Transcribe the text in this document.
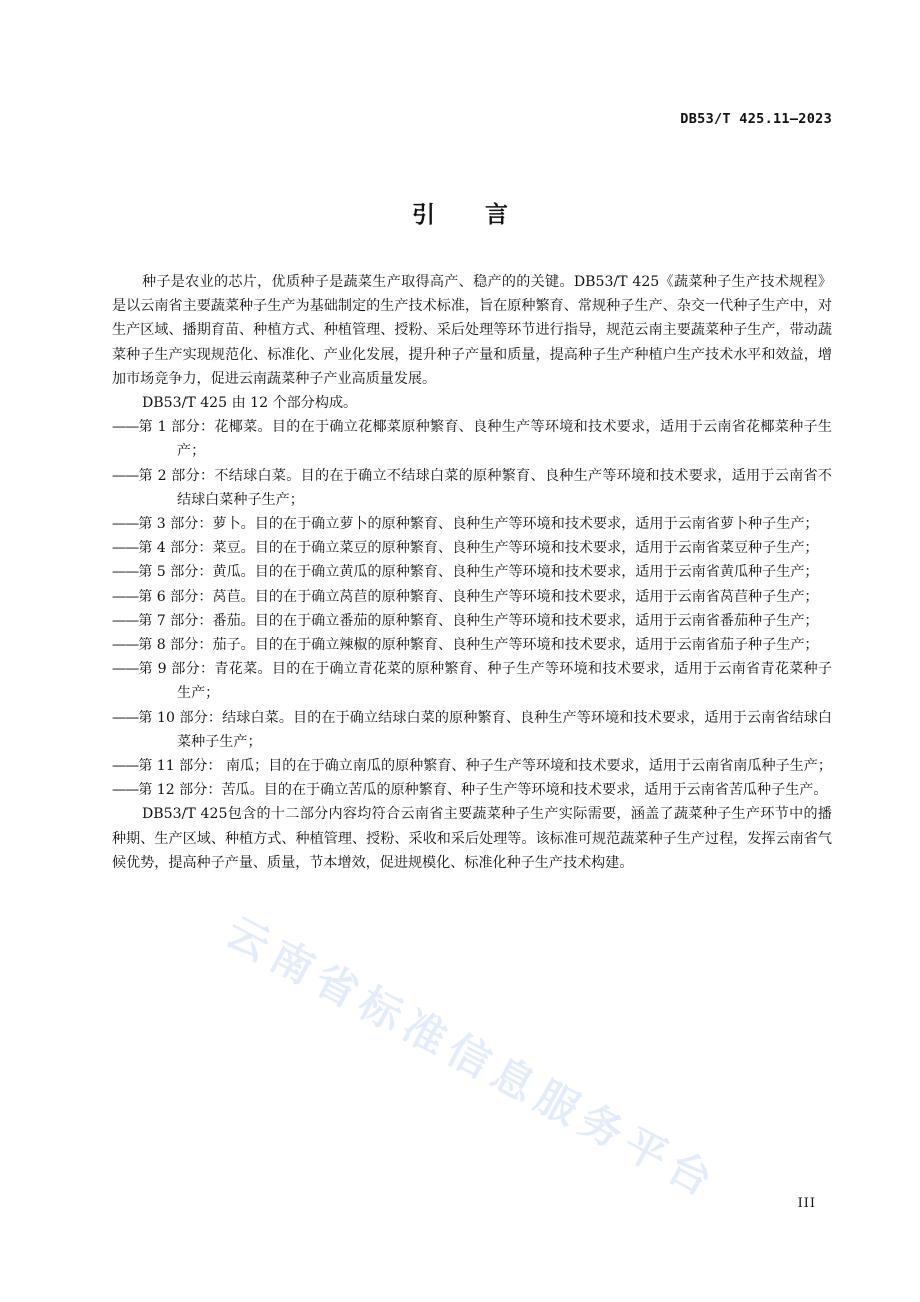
DB53/T 425.11—2023
引言

种子是农业的芯片，优质种子是蔬菜生产取得高产、稳产的的关键。DB53/T 425《蔬菜种子生产技术规程》是以云南省主要蔬菜种子生产为基础制定的生产技术标准，旨在原种繁育、常规种子生产、杂交一代种子生产中，对生产区域、播期育苗、种植方式、种植管理、授粉、采后处理等环节进行指导，规范云南主要蔬菜种子生产，带动蔬菜种子生产实现规范化、标准化、产业化发展，提升种子产量和质量，提高种子生产种植户生产技术水平和效益，增加市场竞争力，促进云南蔬菜种子产业高质量发展。

DB53/T 425 由 12 个部分构成。

——第 1 部分：花椰菜。目的在于确立花椰菜原种繁育、良种生产等环境和技术要求，适用于云南省花椰菜种子生产；

——第 2 部分：不结球白菜。目的在于确立不结球白菜的原种繁育、良种生产等环境和技术要求，适用于云南省不结球白菜种子生产；

——第 3 部分：萝卜。目的在于确立萝卜的原种繁育、良种生产等环境和技术要求，适用于云南省萝卜种子生产；

——第 4 部分：菜豆。目的在于确立菜豆的原种繁育、良种生产等环境和技术要求，适用于云南省菜豆种子生产；

——第 5 部分：黄瓜。目的在于确立黄瓜的原种繁育、良种生产等环境和技术要求，适用于云南省黄瓜种子生产；

——第 6 部分：莴苣。目的在于确立莴苣的原种繁育、良种生产等环境和技术要求，适用于云南省莴苣种子生产；

——第 7 部分：番茄。目的在于确立番茄的原种繁育、良种生产等环境和技术要求，适用于云南省番茄种子生产；

——第 8 部分：茄子。目的在于确立辣椒的原种繁育、良种生产等环境和技术要求，适用于云南省茄子种子生产；

——第 9 部分：青花菜。目的在于确立青花菜的原种繁育、种子生产等环境和技术要求，适用于云南省青花菜种子生产；

——第 10 部分：结球白菜。目的在于确立结球白菜的原种繁育、良种生产等环境和技术要求，适用于云南省结球白菜种子生产；

——第 11 部分： 南瓜；目的在于确立南瓜的原种繁育、种子生产等环境和技术要求，适用于云南省南瓜种子生产；

——第 12 部分：苦瓜。目的在于确立苦瓜的原种繁育、种子生产等环境和技术要求，适用于云南省苦瓜种子生产。

DB53/T 425包含的十二部分内容均符合云南省主要蔬菜种子生产实际需要，涵盖了蔬菜种子生产环节中的播种期、生产区域、种植方式、种植管理、授粉、采收和采后处理等。该标准可规范蔬菜种子生产过程，发挥云南省气候优势，提高种子产量、质量，节本增效，促进规模化、标准化种子生产技术构建。

云南省标准信息服务平台	III
